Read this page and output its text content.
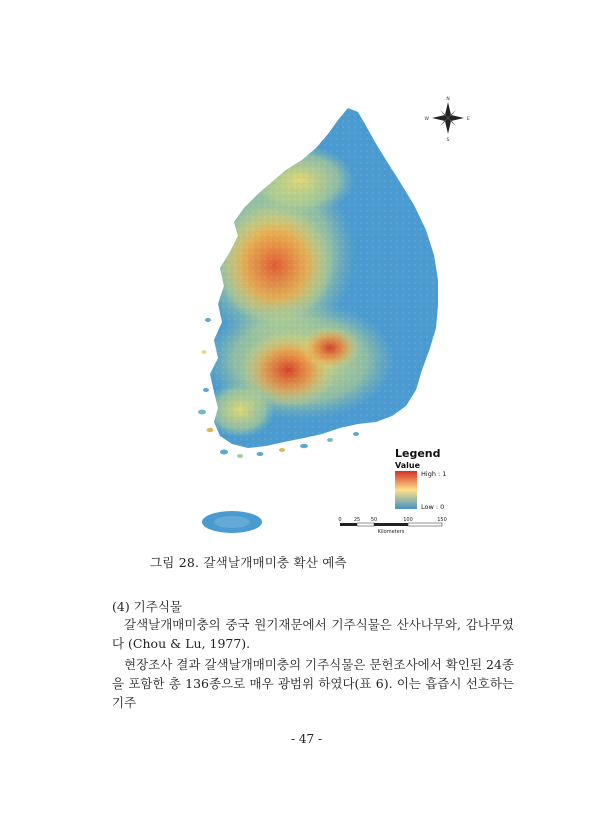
N
S
E
W
Legend
Value
High : 1
Low : 0
0 25 50	100	150
Kilometers
그림 28. 갈색날개매미충 확산 예측
(4) 기주식물

갈색날개매미충의 중국 원기재문에서 기주식물은 산사나무와, 감나무였다 (Chou & Lu, 1977).

현장조사 결과 갈색날개매미충의 기주식물은 문헌조사에서 확인된 24종을 포함한 총 136종으로 매우 광범위 하였다(표 6). 이는 흡즙시 선호하는 기주

- 47 -
